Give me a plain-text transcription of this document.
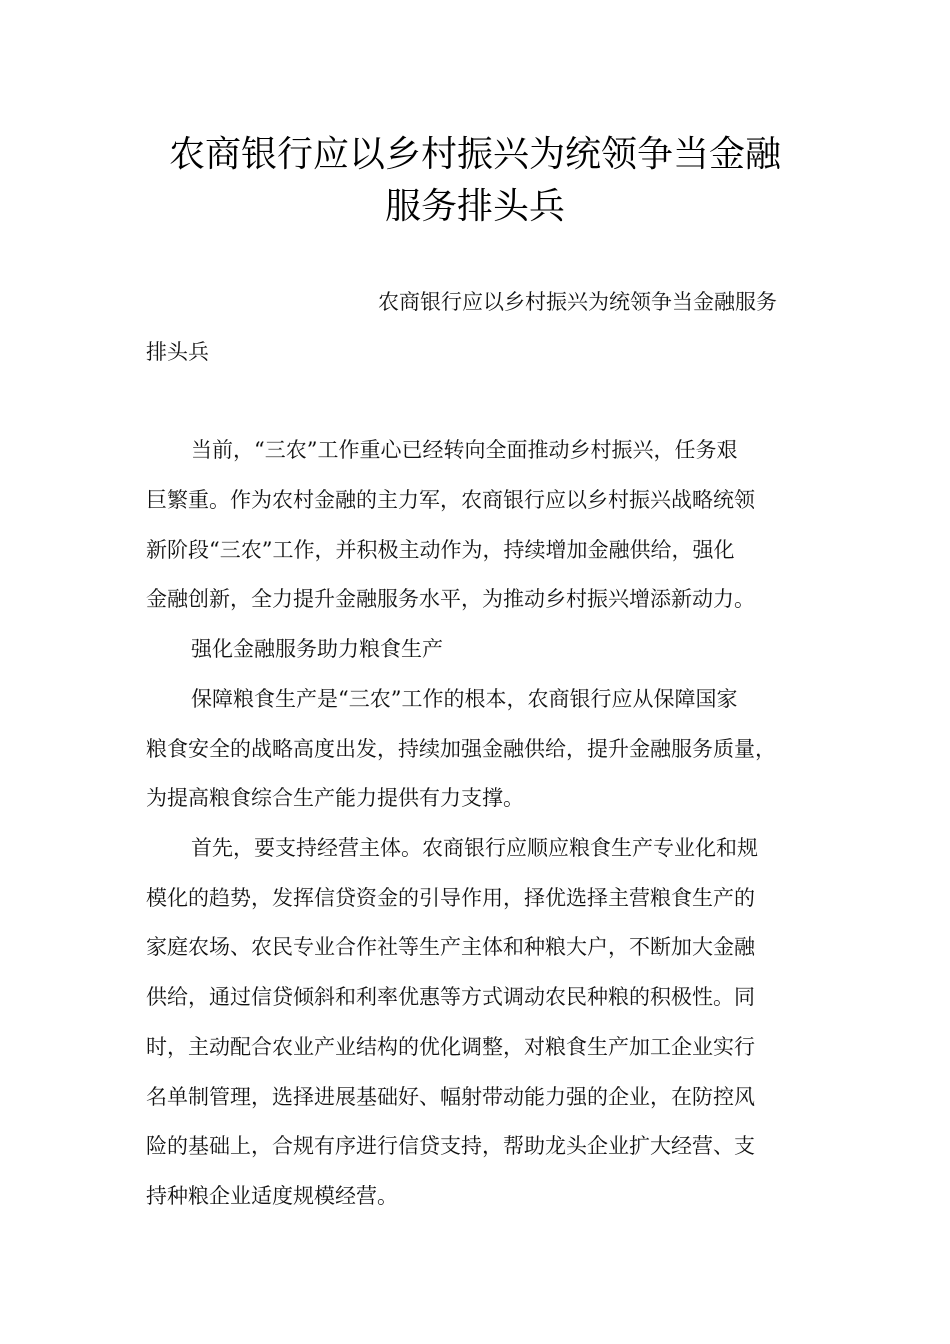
农商银行应以乡村振兴为统领争当金融
服务排头兵

农商银行应以乡村振兴为统领争当金融服务

排头兵

当前，“三农”工作重心已经转向全面推动乡村振兴，任务艰

巨繁重。作为农村金融的主力军，农商银行应以乡村振兴战略统领

新阶段“三农”工作，并积极主动作为，持续增加金融供给，强化

金融创新，全力提升金融服务水平，为推动乡村振兴增添新动力。

强化金融服务助力粮食生产

保障粮食生产是“三农”工作的根本，农商银行应从保障国家

粮食安全的战略高度出发，持续加强金融供给，提升金融服务质量，

为提高粮食综合生产能力提供有力支撑。

首先，要支持经营主体。农商银行应顺应粮食生产专业化和规

模化的趋势，发挥信贷资金的引导作用，择优选择主营粮食生产的

家庭农场、农民专业合作社等生产主体和种粮大户，不断加大金融

供给，通过信贷倾斜和利率优惠等方式调动农民种粮的积极性。同

时，主动配合农业产业结构的优化调整，对粮食生产加工企业实行

名单制管理，选择进展基础好、幅射带动能力强的企业，在防控风

险的基础上，合规有序进行信贷支持，帮助龙头企业扩大经营、支

持种粮企业适度规模经营。
